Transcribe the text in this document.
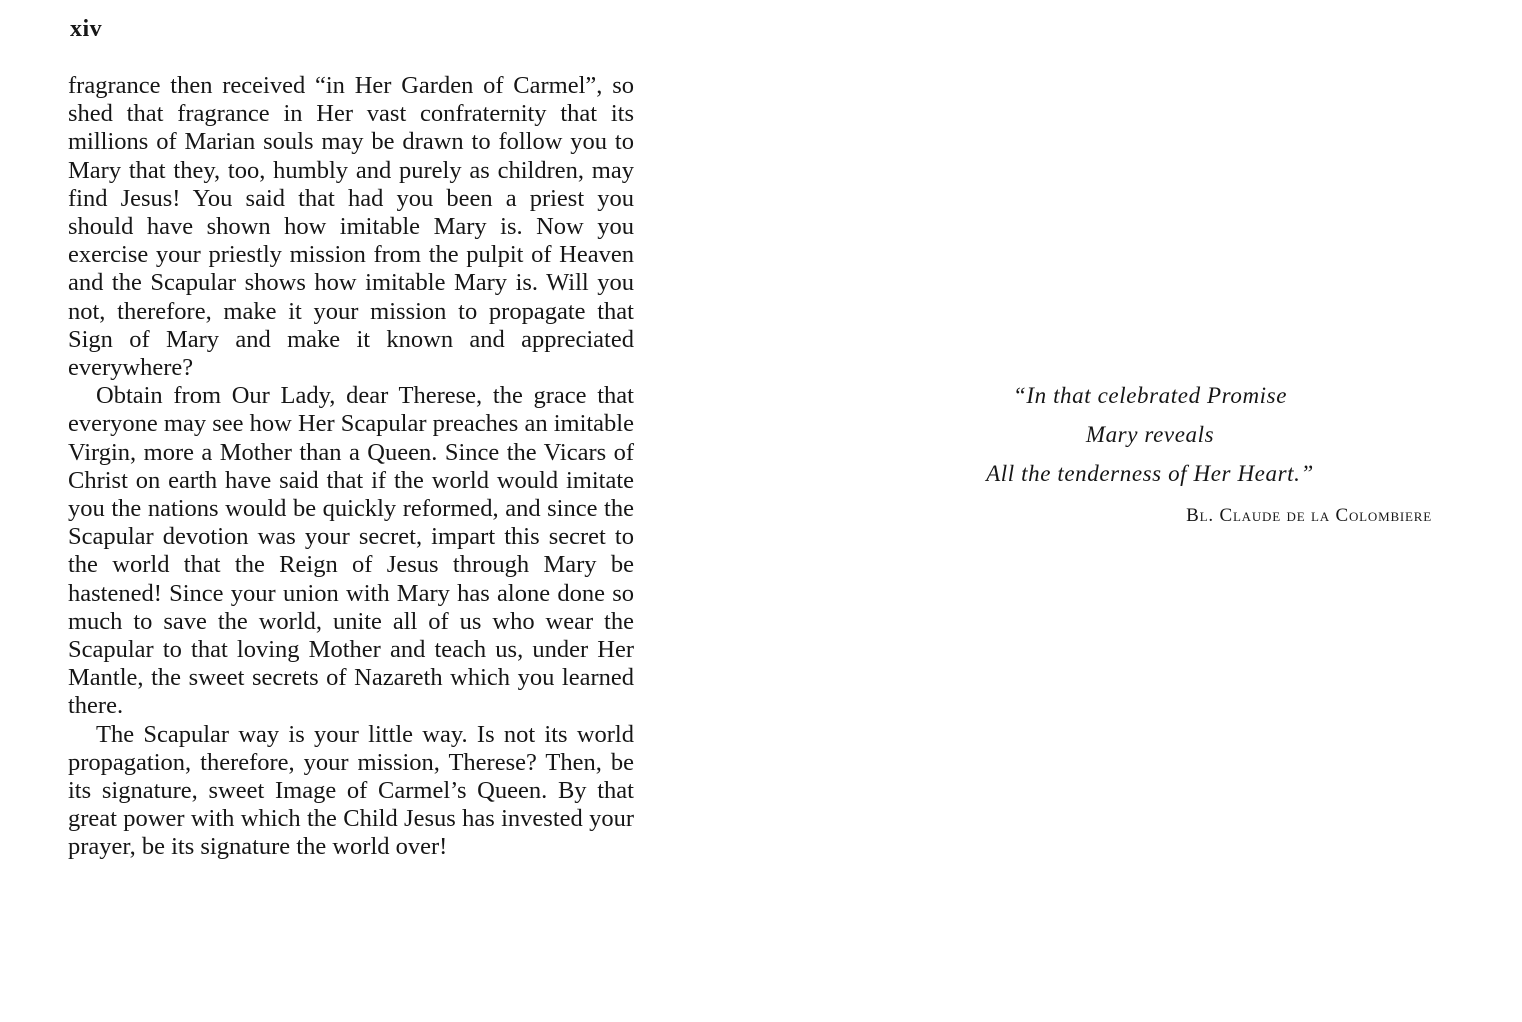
xiv

fragrance then received “in Her Garden of Carmel”, so shed that fragrance in Her vast confraternity that its millions of Marian souls may be drawn to follow you to Mary that they, too, humbly and purely as children, may find Jesus! You said that had you been a priest you should have shown how imitable Mary is. Now you exercise your priestly mission from the pulpit of Heaven and the Scapular shows how imitable Mary is. Will you not, therefore, make it your mission to propagate that Sign of Mary and make it known and appreciated everywhere?

Obtain from Our Lady, dear Therese, the grace that everyone may see how Her Scapular preaches an imitable Virgin, more a Mother than a Queen. Since the Vicars of Christ on earth have said that if the world would imitate you the nations would be quickly reformed, and since the Scapular devotion was your secret, impart this secret to the world that the Reign of Jesus through Mary be hastened! Since your union with Mary has alone done so much to save the world, unite all of us who wear the Scapular to that loving Mother and teach us, under Her Mantle, the sweet secrets of Nazareth which you learned there.

The Scapular way is your little way. Is not its world propagation, therefore, your mission, Therese? Then, be its signature, sweet Image of Carmel’s Queen. By that great power with which the Child Jesus has invested your prayer, be its signature the world over!

“In that celebrated Promise
Mary reveals
All the tenderness of Her Heart.”
Bl. Claude de la Colombiere
